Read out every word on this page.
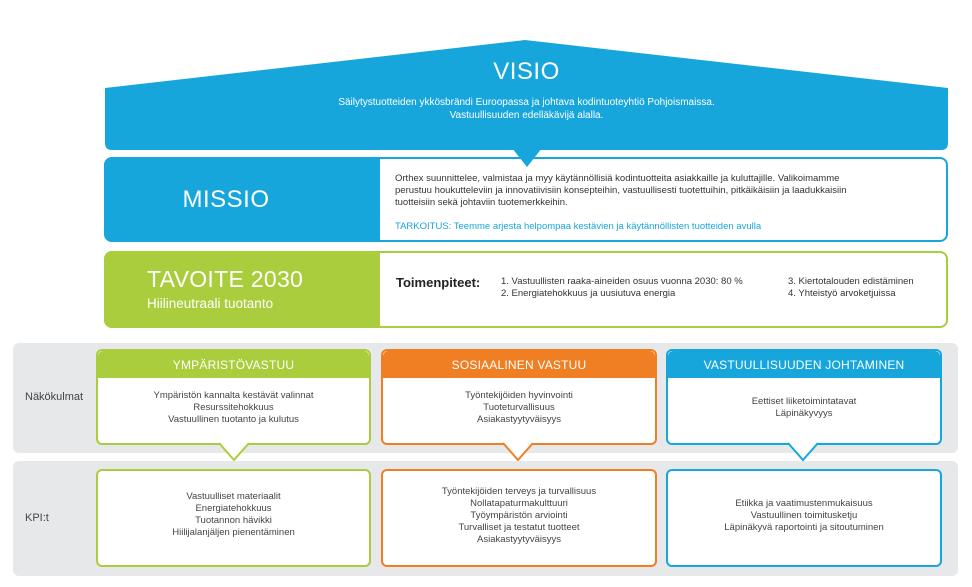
VISIO
Säilytystuotteiden ykkösbrändi Euroopassa ja johtava kodintuoteyhtiö Pohjoismaissa.
Vastuullisuuden edelläkävijä alalla.
MISSIO
Orthex suunnittelee, valmistaa ja myy käytännöllisiä kodintuotteita asiakkaille ja kuluttajille. Valikoimamme
perustuu houkutteleviin ja innovatiivisiin konsepteihin, vastuullisesti tuotettuihin, pitkäikäisiin ja laadukkaisiin
tuotteisiin sekä johtaviin tuotemerkkeihin.
TARKOITUS: Teemme arjesta helpompaa kestävien ja käytännöllisten tuotteiden avulla
TAVOITE 2030
Hiilineutraali tuotanto
Toimenpiteet: 1. Vastuullisten raaka-aineiden osuus vuonna 2030: 80 %
2. Energiatehokkuus ja uusiutuva energia
3. Kiertotalouden edistäminen
4. Yhteistyö arvoketjuissa
Näkökulmat
KPI:t
YMPÄRISTÖVASTUU
Ympäristön kannalta kestävät valinnat
Resurssitehokkuus
Vastuullinen tuotanto ja kulutus
Vastuulliset materiaalit
Energiatehokkuus
Tuotannon hävikki
Hiilijalanjäljen pienentäminen
SOSIAALINEN VASTUU
Työntekijöiden hyvinvointi
Tuoteturvallisuus
Asiakastyytyväisyys
Työntekijöiden terveys ja turvallisuus
Nollatapaturmakulttuuri
Työympäristön arviointi
Turvalliset ja testatut tuotteet
Asiakastyytyväisyys
VASTUULLISUUDEN JOHTAMINEN
Eettiset liiketoimintatavat
Läpinäkyvyys
Etiikka ja vaatimustenmukaisuus
Vastuullinen toimitusketju
Läpinäkyvä raportointi ja sitoutuminen
